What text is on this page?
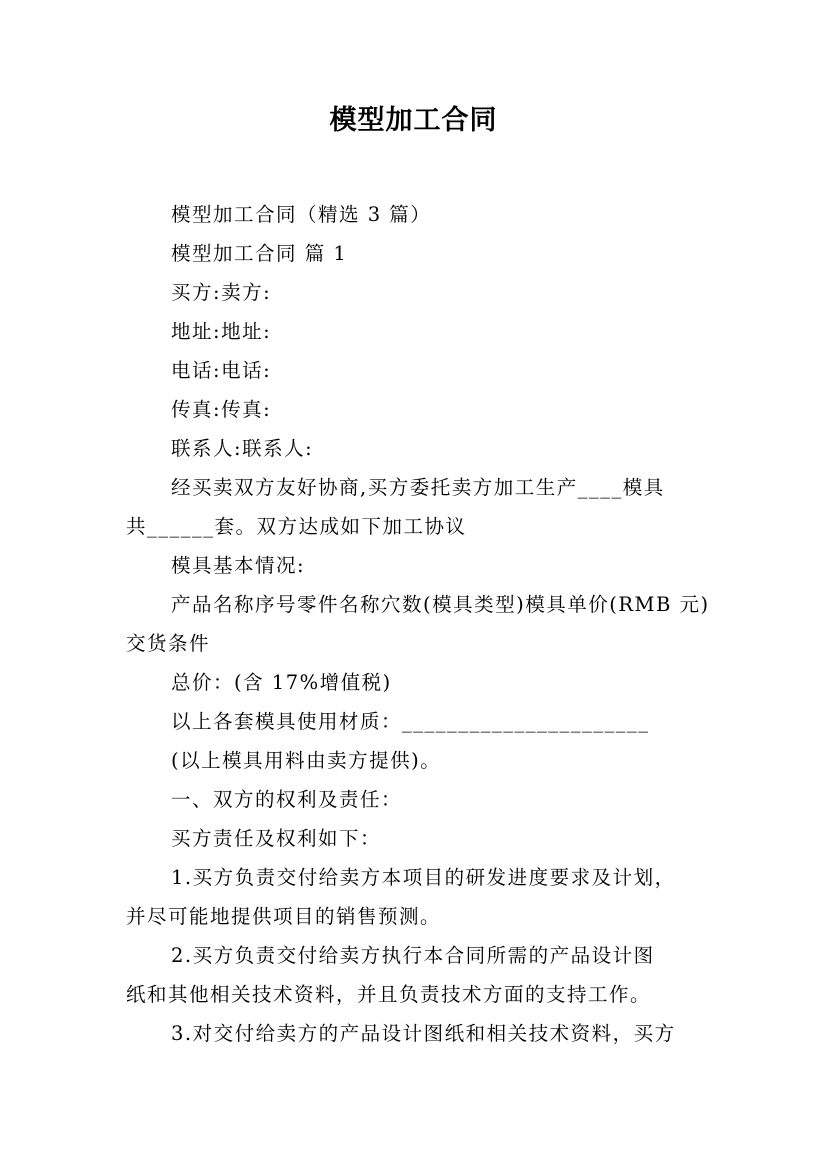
模型加工合同

模型加工合同（精选 3 篇）

模型加工合同 篇 1

买方:卖方:

地址:地址:

电话:电话:

传真:传真:

联系人:联系人:

经买卖双方友好协商,买方委托卖方加工生产____模具
共______套。双方达成如下加工协议

模具基本情况:

产品名称序号零件名称穴数(模具类型)模具单价(RMB 元)
交货条件

总价：(含 17%增值税)

以上各套模具使用材质：______________________

(以上模具用料由卖方提供)。

一、双方的权利及责任：

买方责任及权利如下：

1.买方负责交付给卖方本项目的研发进度要求及计划，
并尽可能地提供项目的销售预测。

2.买方负责交付给卖方执行本合同所需的产品设计图
纸和其他相关技术资料，并且负责技术方面的支持工作。

3.对交付给卖方的产品设计图纸和相关技术资料，买方
